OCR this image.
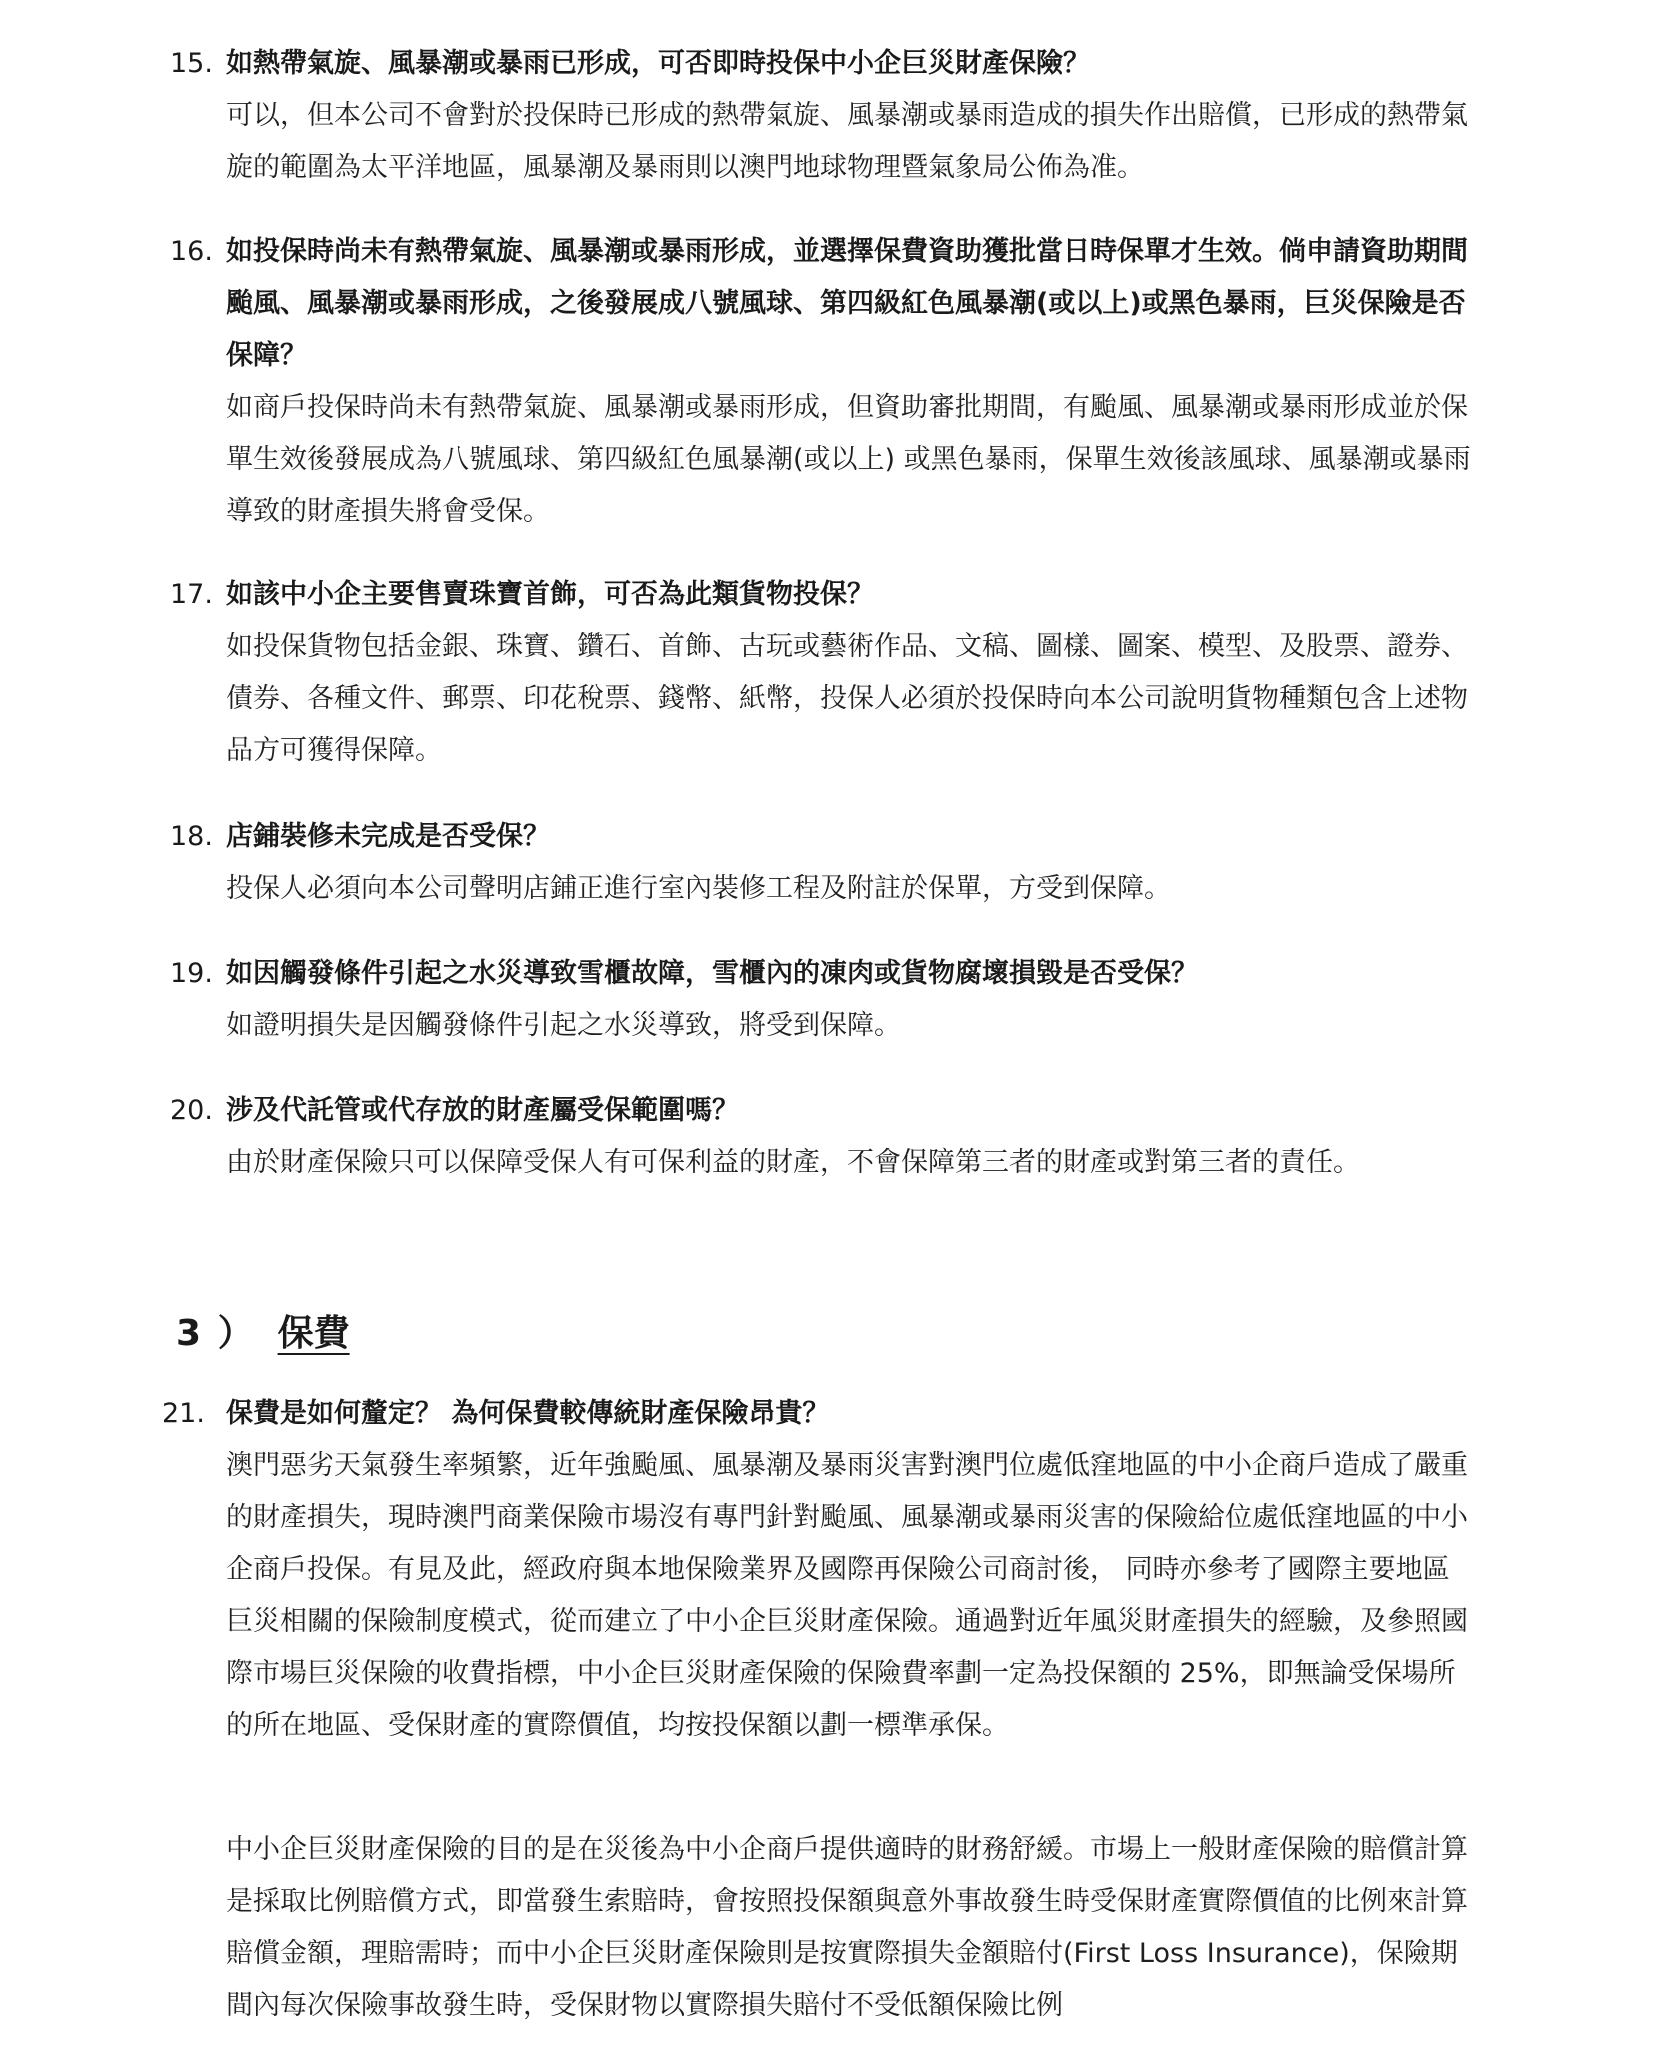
15. 如熱帶氣旋、風暴潮或暴雨已形成，可否即時投保中小企巨災財產保險？
可以，但本公司不會對於投保時已形成的熱帶氣旋、風暴潮或暴雨造成的損失作出賠償，已形成的熱帶氣旋的範圍為太平洋地區，風暴潮及暴雨則以澳門地球物理暨氣象局公佈為准。
16. 如投保時尚未有熱帶氣旋、風暴潮或暴雨形成，並選擇保費資助獲批當日時保單才生效。倘申請資助期間颱風、風暴潮或暴雨形成，之後發展成八號風球、第四級紅色風暴潮(或以上)或黑色暴雨，巨災保險是否保障？
如商戶投保時尚未有熱帶氣旋、風暴潮或暴雨形成，但資助審批期間，有颱風、風暴潮或暴雨形成並於保單生效後發展成為八號風球、第四級紅色風暴潮(或以上) 或黑色暴雨，保單生效後該風球、風暴潮或暴雨導致的財產損失將會受保。
17. 如該中小企主要售賣珠寶首飾，可否為此類貨物投保？
如投保貨物包括金銀、珠寶、鑽石、首飾、古玩或藝術作品、文稿、圖樣、圖案、模型、及股票、證券、債券、各種文件、郵票、印花稅票、錢幣、紙幣，投保人必須於投保時向本公司說明貨物種類包含上述物品方可獲得保障。
18. 店鋪裝修未完成是否受保？
投保人必須向本公司聲明店鋪正進行室內裝修工程及附註於保單，方受到保障。
19. 如因觸發條件引起之水災導致雪櫃故障，雪櫃內的凍肉或貨物腐壞損毀是否受保？
如證明損失是因觸發條件引起之水災導致，將受到保障。
20. 涉及代託管或代存放的財產屬受保範圍嗎？
由於財產保險只可以保障受保人有可保利益的財產，不會保障第三者的財產或對第三者的責任。
3 ） 保費
21. 保費是如何釐定？ 為何保費較傳統財產保險昂貴？
澳門惡劣天氣發生率頻繁，近年強颱風、風暴潮及暴雨災害對澳門位處低窪地區的中小企商戶造成了嚴重的財產損失，現時澳門商業保險市場沒有專門針對颱風、風暴潮或暴雨災害的保險給位處低窪地區的中小企商戶投保。有見及此，經政府與本地保險業界及國際再保險公司商討後， 同時亦參考了國際主要地區巨災相關的保險制度模式，從而建立了中小企巨災財產保險。通過對近年風災財產損失的經驗，及參照國際市場巨災保險的收費指標，中小企巨災財產保險的保險費率劃一定為投保額的 25%，即無論受保場所的所在地區、受保財產的實際價值，均按投保額以劃一標準承保。
中小企巨災財產保險的目的是在災後為中小企商戶提供適時的財務舒緩。市場上一般財產保險的賠償計算是採取比例賠償方式，即當發生索賠時，會按照投保額與意外事故發生時受保財產實際價值的比例來計算賠償金額，理賠需時；而中小企巨災財產保險則是按實際損失金額賠付(First Loss Insurance)，保險期間內每次保險事故發生時，受保財物以實際損失賠付不受低額保險比例
